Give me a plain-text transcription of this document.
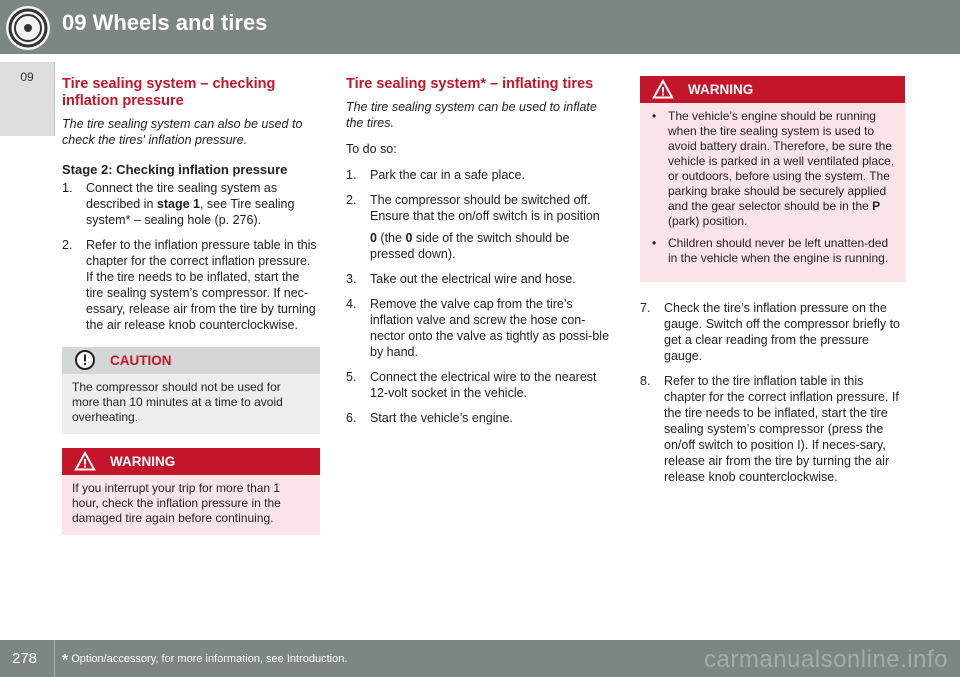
09 Wheels and tires
09	Tire sealing system – checking inflation pressure
The tire sealing system can also be used to check the tires' inflation pressure.
Stage 2: Checking inflation pressure
1. Connect the tire sealing system as described in stage 1, see Tire sealing system* – sealing hole (p. 276).
2. Refer to the inflation pressure table in this chapter for the correct inflation pressure. If the tire needs to be inflated, start the tire sealing system’s compressor. If nec-essary, release air from the tire by turning the air release knob counterclockwise.
CAUTION
The compressor should not be used for more than 10 minutes at a time to avoid overheating.
WARNING
If you interrupt your trip for more than 1 hour, check the inflation pressure in the damaged tire again before continuing.
Tire sealing system* – inflating tires
The tire sealing system can be used to inflate the tires.

To do so:

1. Park the car in a safe place.
2. The compressor should be switched off. Ensure that the on/off switch is in position
0 (the 0 side of the switch should be pressed down).
3. Take out the electrical wire and hose.
4. Remove the valve cap from the tire’s inflation valve and screw the hose con-nector onto the valve as tightly as possi-ble by hand.
5. Connect the electrical wire to the nearest 12-volt socket in the vehicle.
6. Start the vehicle’s engine.
WARNING
• The vehicle’s engine should be running when the tire sealing system is used to avoid battery drain. Therefore, be sure the vehicle is parked in a well ventilated place, or outdoors, before using the system. The parking brake should be securely applied and the gear selector should be in the P (park) position.
• Children should never be left unatten-ded in the vehicle when the engine is running.
7. Check the tire’s inflation pressure on the gauge. Switch off the compressor briefly to get a clear reading from the pressure gauge.
8. Refer to the tire inflation table in this chapter for the correct inflation pressure. If the tire needs to be inflated, start the tire sealing system’s compressor (press the on/off switch to position I). If neces-sary, release air from the tire by turning the air release knob counterclockwise.
278 * Option/accessory, for more information, see Introduction.	carmanualsonline.info
